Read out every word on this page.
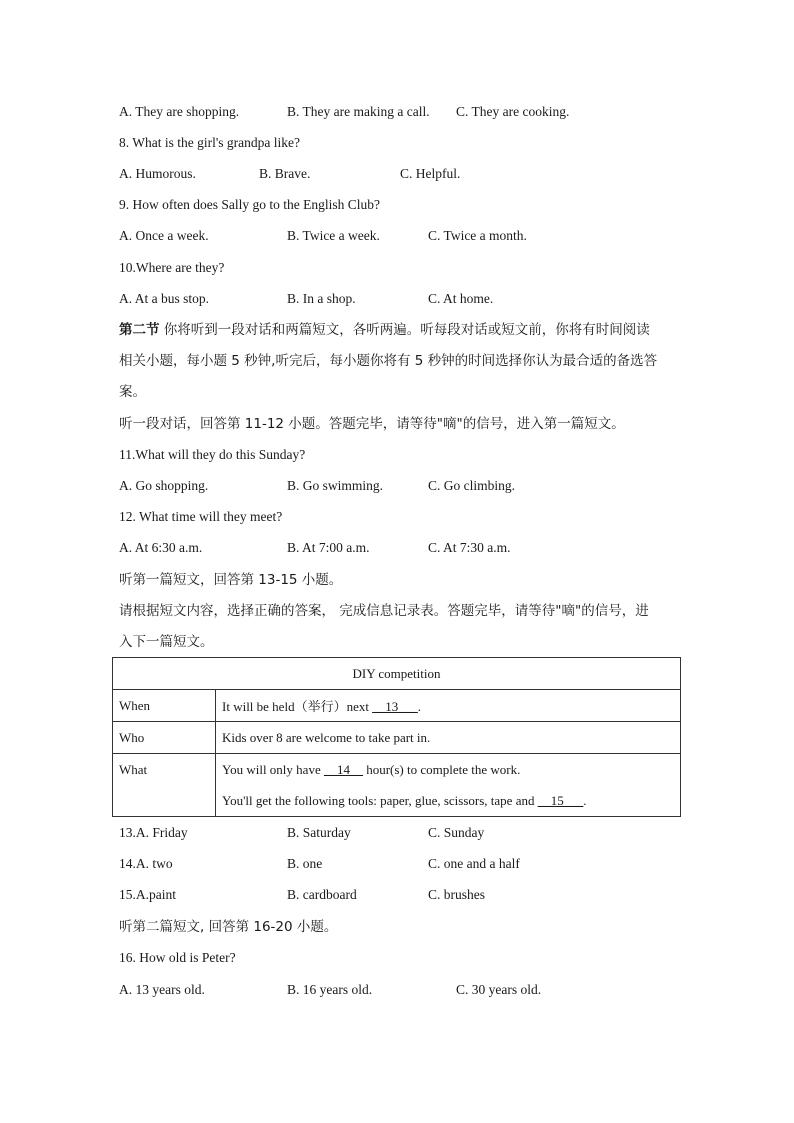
A. They are shopping.	B. They are making a call. C. They are cooking.
8. What is the girl's grandpa like?
A. Humorous.	B. Brave.	C. Helpful.
9. How often does Sally go to the English Club?
A. Once a week.	B. Twice a week.	C. Twice a month.
10.Where are they?
A. At a bus stop.	B. In a shop.	C. At home.
第二节 你将听到一段对话和两篇短文，各听两遍。听每段对话或短文前，你将有时间阅读
相关小题，每小题 5 秒钟,听完后，每小题你将有 5 秒钟的时间选择你认为最合适的备选答
案。
听一段对话，回答第 11-12 小题。答题完毕，请等待"嘀"的信号，进入第一篇短文。
11.What will they do this Sunday?
A. Go shopping.	B. Go swimming.	C. Go climbing.
12. What time will they meet?
A. At 6:30 a.m.	B. At 7:00 a.m.	C. At 7:30 a.m.
听第一篇短文，回答第 13-15 小题。
请根据短文内容，选择正确的答案， 完成信息记录表。答题完毕，请等待"嘀"的信号，进
入下一篇短文。
DIY competition	
When	It will be held（举行）next __13___.
Who	Kids over 8 are welcome to take part in.
What	You will only have __14__ hour(s) to complete the work.
You'll get the following tools: paper, glue, scissors, tape and __15___.
13.A. Friday	B. Saturday	C. Sunday
14.A. two	B. one	C. one and a half
15.A.paint	B. cardboard	C. brushes
听第二篇短文, 回答第 16-20 小题。
16. How old is Peter?
A. 13 years old.	B. 16 years old.	C. 30 years old.
